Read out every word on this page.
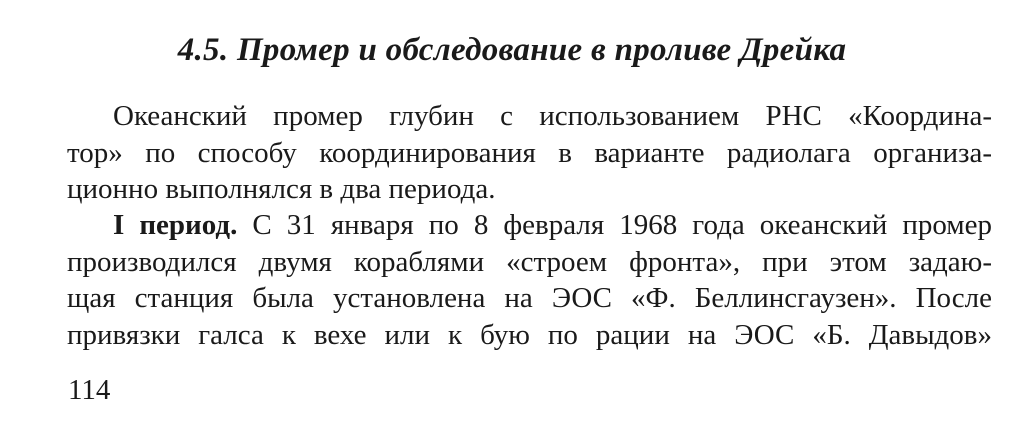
4.5. Промер и обследование в проливе Дрейка
Океанский промер глубин с использованием РНС «Координа-
тор» по способу координирования в варианте радиолага организа-
ционно выполнялся в два периода.
I период. С 31 января по 8 февраля 1968 года океанский промер
производился двумя кораблями «строем фронта», при этом задаю-
щая станция была установлена на ЭОС «Ф. Беллинсгаузен». После
привязки галса к вехе или к бую по рации на ЭОС «Б. Давыдов»
114
